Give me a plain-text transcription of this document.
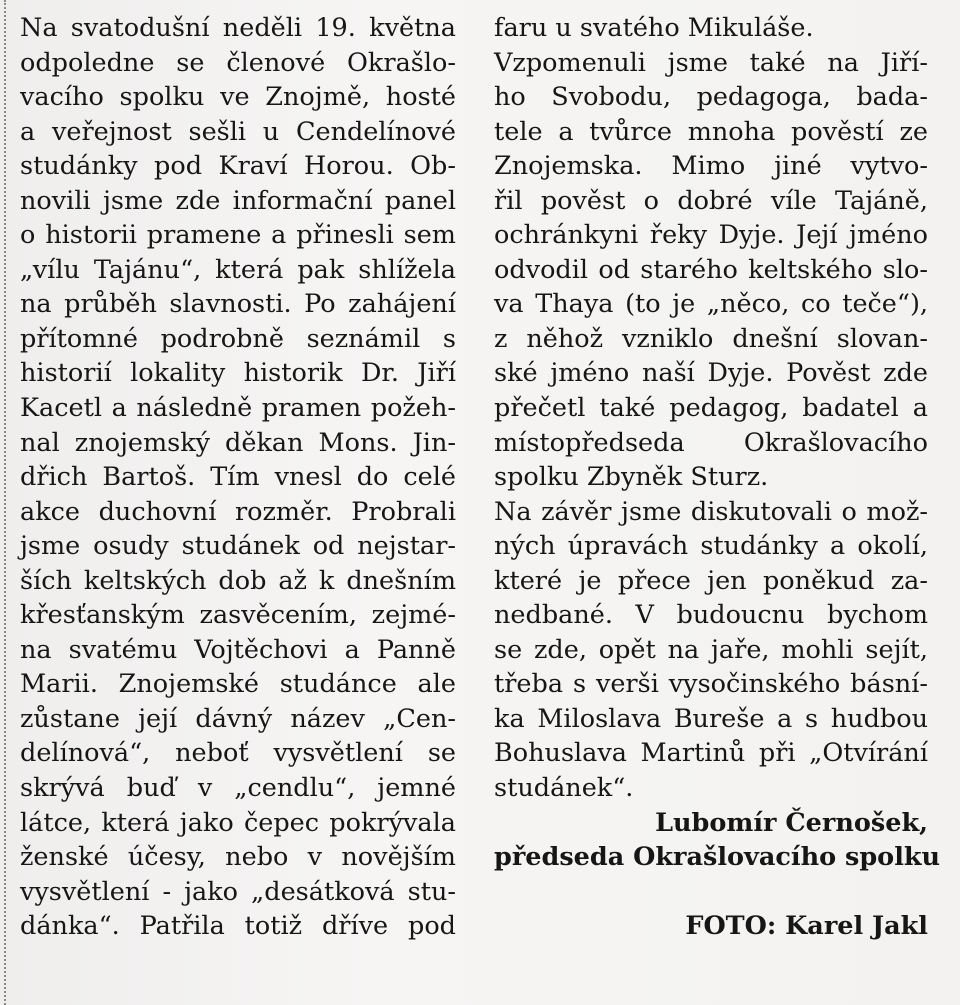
Na svatodušní neděli 19. května
odpoledne se členové Okrašlo-
vacího spolku ve Znojmě, hosté
a veřejnost sešli u Cendelínové
studánky pod Kraví Horou. Ob-
novili jsme zde informační panel
o historii pramene a přinesli sem
„vílu Tajánu“, která pak shlížela
na průběh slavnosti. Po zahájení
přítomné podrobně seznámil s
historií lokality historik Dr. Jiří
Kacetl a následně pramen požeh-
nal znojemský děkan Mons. Jin-
dřich Bartoš. Tím vnesl do celé
akce duchovní rozměr. Probrali
jsme osudy studánek od nejstar-
ších keltských dob až k dnešním
křesťanským zasvěcením, zejmé-
na svatému Vojtěchovi a Panně
Marii. Znojemské studánce ale
zůstane její dávný název „Cen-
delínová“, neboť vysvětlení se
skrývá buď v „cendlu“, jemné
látce, která jako čepec pokrývala
ženské účesy, nebo v novějším
vysvětlení - jako „desátková stu-
dánka“. Patřila totiž dříve pod
faru u svatého Mikuláše.
Vzpomenuli jsme také na Jiří-
ho Svobodu, pedagoga, bada-
tele a tvůrce mnoha pověstí ze
Znojemska. Mimo jiné vytvo-
řil pověst o dobré víle Tajáně,
ochránkyni řeky Dyje. Její jméno
odvodil od starého keltského slo-
va Thaya (to je „něco, co teče“),
z něhož vzniklo dnešní slovan-
ské jméno naší Dyje. Pověst zde
přečetl také pedagog, badatel a
místopředseda Okrašlovacího
spolku Zbyněk Sturz.
Na závěr jsme diskutovali o mož-
ných úpravách studánky a okolí,
které je přece jen poněkud za-
nedbané. V budoucnu bychom
se zde, opět na jaře, mohli sejít,
třeba s verši vysočinského básní-
ka Miloslava Bureše a s hudbou
Bohuslava Martinů při „Otvírání
studánek“.
Lubomír Černošek,
předseda Okrašlovacího spolku
FOTO: Karel Jakl
